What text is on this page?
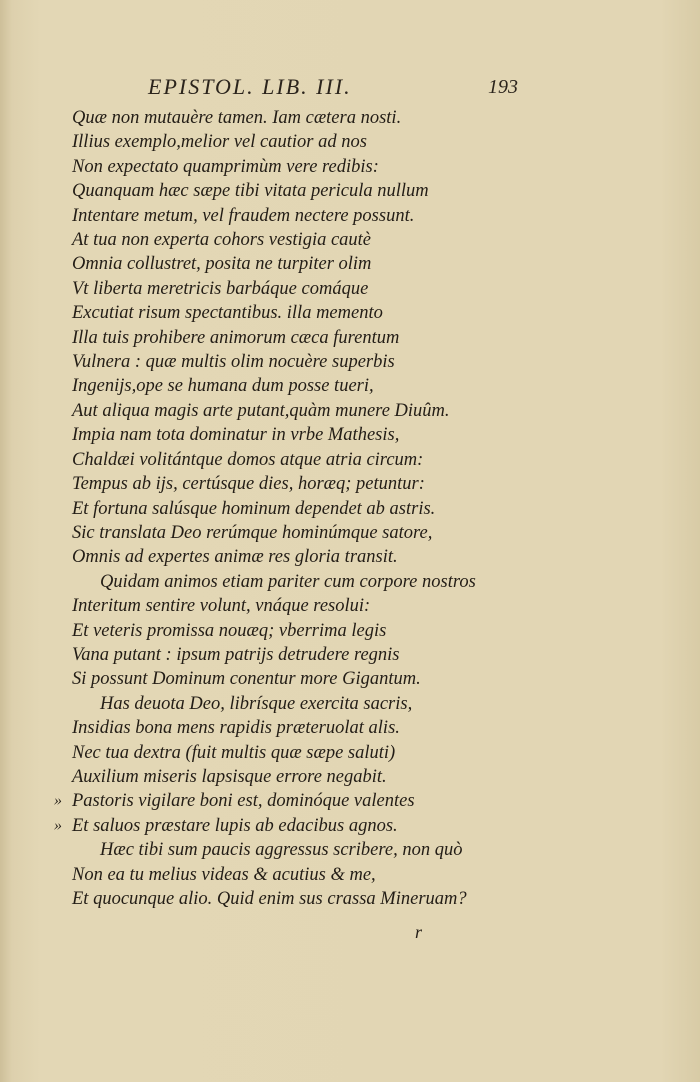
EPISTOL. LIB. III.	193
Quæ non mutauère tamen. Iam cætera nosti.
Illius exemplo,melior vel cautior ad nos
Non expectato quamprimùm vere redibis:
Quanquam hæc sæpe tibi vitata pericula nullum
Intentare metum, vel fraudem nectere possunt.
At tua non experta cohors vestigia cautè
Omnia collustret, posita ne turpiter olim
Vt liberta meretricis barbáque comáque
Excutiat risum spectantibus. illa memento
Illa tuis prohibere animorum cæca furentum
Vulnera : quæ multis olim nocuère superbis
Ingenijs,ope se humana dum posse tueri,
Aut aliqua magis arte putant,quàm munere Diuûm.
Impia nam tota dominatur in vrbe Mathesis,
Chaldæi volitántque domos atque atria circum:
Tempus ab ijs, certúsque dies, horæq; petuntur:
Et fortuna salúsque hominum dependet ab astris.
Sic translata Deo rerúmque hominúmque satore,
Omnis ad expertes animæ res gloria transit.
Quidam animos etiam pariter cum corpore nostros
Interitum sentire volunt, vnáque resolui:
Et veteris promissa nouæq; vberrima legis
Vana putant : ipsum patrijs detrudere regnis
Si possunt Dominum conentur more Gigantum.
Has deuota Deo, librísque exercita sacris,
Insidias bona mens rapidis præteruolat alis.
Nec tua dextra (fuit multis quæ sæpe saluti)
Auxilium miseris lapsisque errore negabit.
» Pastoris vigilare boni est, dominóque valentes
» Et saluos præstare lupis ab edacibus agnos.
Hæc tibi sum paucis aggressus scribere, non quò
Non ea tu melius videas & acutius & me,
Et quocunque alio. Quid enim sus crassa Mineruam?
r
